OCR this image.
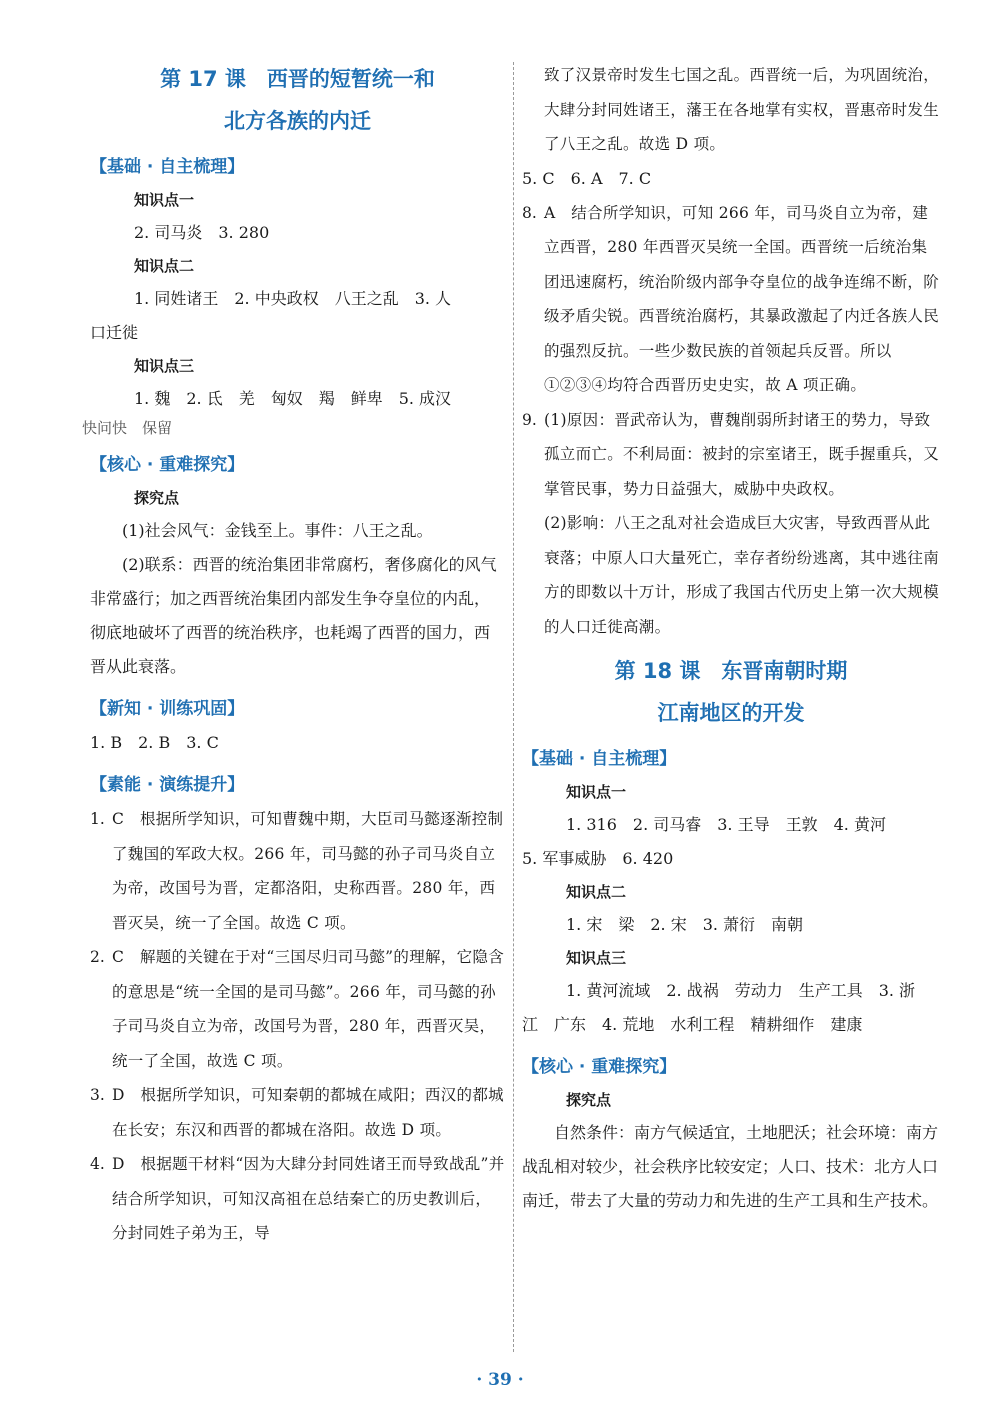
第 17 课　西晋的短暂统一和
北方各族的内迁
【基础 · 自主梳理】
知识点一
2. 司马炎　3. 280
知识点二
1. 同姓诸王　2. 中央政权　八王之乱　3. 人
口迁徙
知识点三
1. 魏　2. 氐　羌　匈奴　羯　鲜卑　5. 成汉
快问快　保留
【核心 · 重难探究】
探究点

(1)社会风气：金钱至上。事件：八王之乱。

(2)联系：西晋的统治集团非常腐朽，奢侈腐化的风气非常盛行；加之西晋统治集团内部发生争夺皇位的内乱，彻底地破坏了西晋的统治秩序，也耗竭了西晋的国力，西晋从此衰落。

【新知 · 训练巩固】
1. B　2. B　3. C
【素能 · 演练提升】
1. C　根据所学知识，可知曹魏中期，大臣司马懿逐渐控制了魏国的军政大权。266 年，司马懿的孙子司马炎自立为帝，改国号为晋，定都洛阳，史称西晋。280 年，西晋灭吴，统一了全国。故选 C 项。
2. C　解题的关键在于对“三国尽归司马懿”的理解，它隐含的意思是“统一全国的是司马懿”。266 年，司马懿的孙子司马炎自立为帝，改国号为晋，280 年，西晋灭吴，统一了全国，故选 C 项。
3. D　根据所学知识，可知秦朝的都城在咸阳；西汉的都城在长安；东汉和西晋的都城在洛阳。故选 D 项。
4. D　根据题干材料“因为大肆分封同姓诸王而导致战乱”并结合所学知识，可知汉高祖在总结秦亡的历史教训后，分封同姓子弟为王，导
致了汉景帝时发生七国之乱。西晋统一后，为巩固统治，大肆分封同姓诸王，藩王在各地掌有实权，晋惠帝时发生了八王之乱。故选 D 项。
5. C　6. A　7. C
8. A　结合所学知识，可知 266 年，司马炎自立为帝，建立西晋，280 年西晋灭吴统一全国。西晋统一后统治集团迅速腐朽，统治阶级内部争夺皇位的战争连绵不断，阶级矛盾尖锐。西晋统治腐朽，其暴政激起了内迁各族人民的强烈反抗。一些少数民族的首领起兵反晋。所以①②③④均符合西晋历史史实，故 A 项正确。
9. (1)原因：晋武帝认为，曹魏削弱所封诸王的势力，导致孤立而亡。不利局面：被封的宗室诸王，既手握重兵，又掌管民事，势力日益强大，威胁中央政权。
(2)影响：八王之乱对社会造成巨大灾害，导致西晋从此衰落；中原人口大量死亡，幸存者纷纷逃离，其中逃往南方的即数以十万计，形成了我国古代历史上第一次大规模的人口迁徙高潮。
第 18 课　东晋南朝时期
江南地区的开发
【基础 · 自主梳理】
知识点一
1. 316　2. 司马睿　3. 王导　王敦　4. 黄河
5. 军事威胁　6. 420
知识点二
1. 宋　梁　2. 宋　3. 萧衍　南朝
知识点三
1. 黄河流域　2. 战祸　劳动力　生产工具　3. 浙
江　广东　4. 荒地　水利工程　精耕细作　建康
【核心 · 重难探究】
探究点

自然条件：南方气候适宜，土地肥沃；社会环境：南方战乱相对较少，社会秩序比较安定；人口、技术：北方人口南迁，带去了大量的劳动力和先进的生产工具和生产技术。

· 39 ·
